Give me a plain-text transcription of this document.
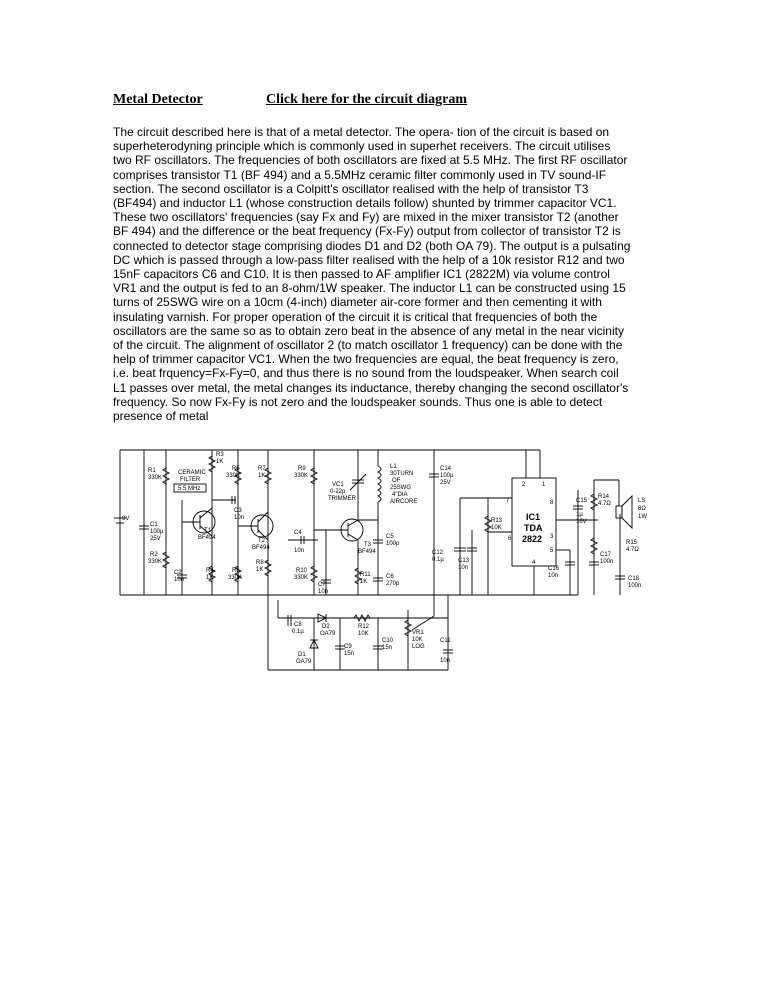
Metal Detector	Click here for the circuit diagram
The circuit described here is that of a metal detector. The opera- tion of the circuit is based on
superheterodyning principle which is commonly used in superhet receivers. The circuit utilises
two RF oscillators. The frequencies of both oscillators are fixed at 5.5 MHz. The first RF oscillator
comprises transistor T1 (BF 494) and a 5.5MHz ceramic filter commonly used in TV sound-IF
section. The second oscillator is a Colpitt's oscillator realised with the help of transistor T3
(BF494) and inductor L1 (whose construction details follow) shunted by trimmer capacitor VC1.
These two oscillators' frequencies (say Fx and Fy) are mixed in the mixer transistor T2 (another
BF 494) and the difference or the beat frequency (Fx-Fy) output from collector of transistor T2 is
connected to detector stage comprising diodes D1 and D2 (both OA 79). The output is a pulsating
DC which is passed through a low-pass filter realised with the help of a 10k resistor R12 and two
15nF capacitors C6 and C10. It is then passed to AF amplifier IC1 (2822M) via volume control
VR1 and the output is fed to an 8-ohm/1W speaker. The inductor L1 can be constructed using 15
turns of 25SWG wire on a 10cm (4-inch) diameter air-core former and then cementing it with
insulating varnish. For proper operation of the circuit it is critical that frequencies of both the
oscillators are the same so as to obtain zero beat in the absence of any metal in the near vicinity
of the circuit. The alignment of oscillator 2 (to match oscillator 1 frequency) can be done with the
help of trimmer capacitor VC1. When the two frequencies are equal, the beat frequency is zero,
i.e. beat frquency=Fx-Fy=0, and thus there is no sound from the loudspeaker. When search coil
L1 passes over metal, the metal changes its inductance, thereby changing the second oscillator's
frequency. So now Fx-Fy is not zero and the loudspeaker sounds. Thus one is able to detect
presence of metal
R1
330K
CERAMIC
FILTER
5.5 MHz
R3
1K
R5
330K
R7
1K
R9
330K
VC1
0-22p
TRIMMER
L1
30TURN
OF
25SWG
4"DIA
AIRCORE
C14
100µ
25V
9V
C1
100µ
25V
R2
330K
C2
10n
T1
BF494
R4
1K
C3
10n
T2
BF494
R6
330K
R8
1K
C4
10n
T3
BF494
C5
100p
R10
330K
C7
10n
R11
1K
C6
270p
R13
10K
C12
0.1µ C13
10n
IC1
TDA
2822
C15
1µ
16V
R14
4.7Ω
C16
10n
C17
100n
R15
4.7Ω
C18
100n
LS
8Ω
1W
C8
0.1µ
D2
OA79
D1
OA79
C9
15n
R12
10K
C10
15n
VR1
10K
LOG
C11
10n
1
2
3
4
5
6
7	8
